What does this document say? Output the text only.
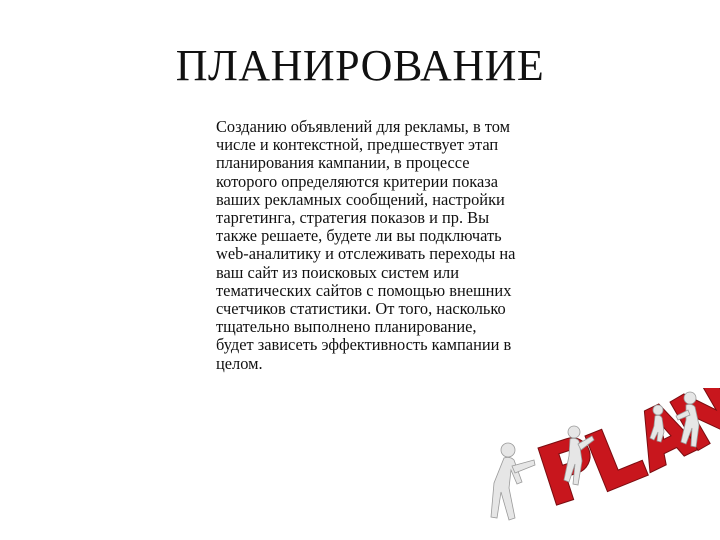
ПЛАНИРОВАНИЕ

Созданию объявлений для рекламы, в том числе и контекстной, предшествует этап планирования кампании, в процессе которого определяются критерии показа ваших рекламных сообщений, настройки таргетинга, стратегия показов и пр. Вы также решаете, будете ли вы подключать web-аналитику и отслеживать переходы на ваш сайт из поисковых систем или тематических сайтов с помощью внешних счетчиков статистики. От того, насколько тщательно выполнено планирование, будет зависеть эффективность кампании в целом.

A
